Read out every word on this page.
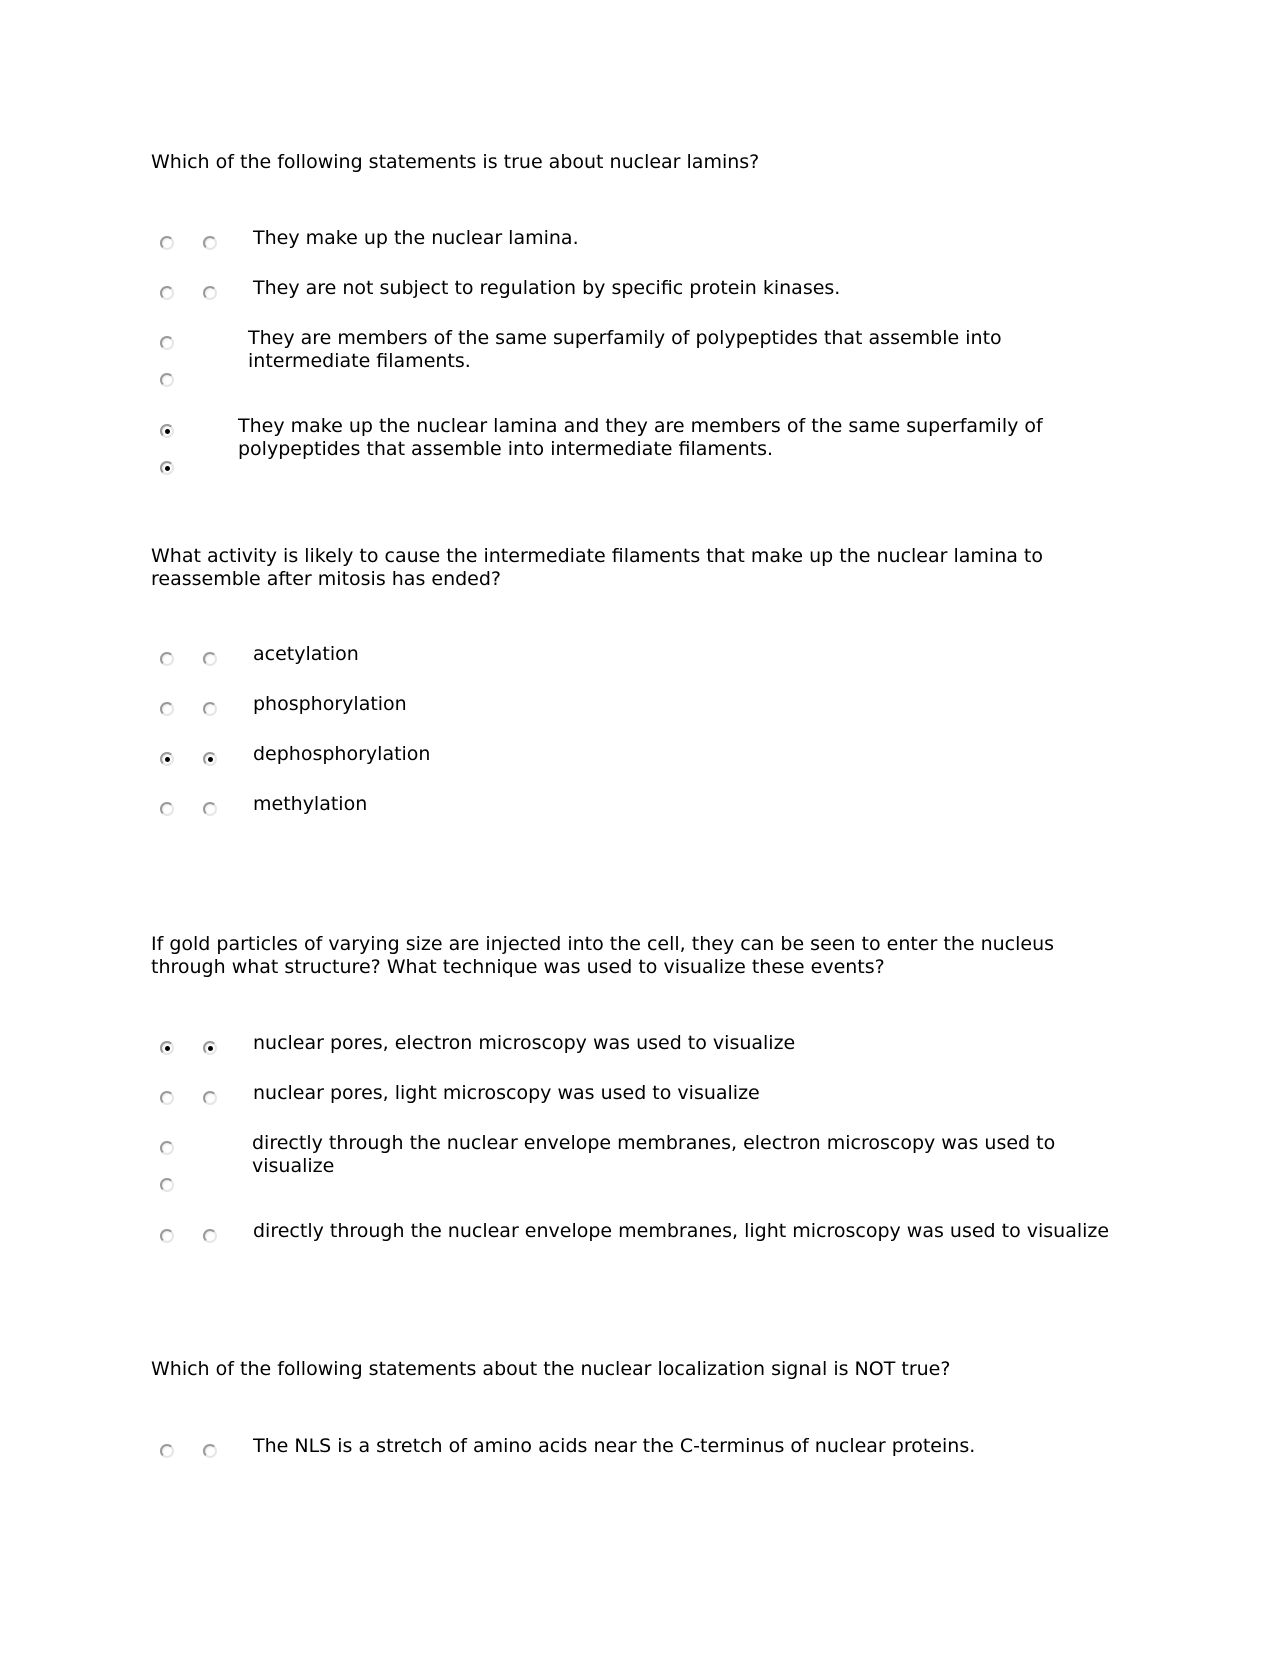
Which of the following statements is true about nuclear lamins?

They make up the nuclear lamina.
They are not subject to regulation by specific protein kinases.
They are members of the same superfamily of polypeptides that assemble into intermediate filaments.
They make up the nuclear lamina and they are members of the same superfamily of polypeptides that assemble into intermediate filaments.

What activity is likely to cause the intermediate filaments that make up the nuclear lamina to reassemble after mitosis has ended?

acetylation
phosphorylation
dephosphorylation
methylation

If gold particles of varying size are injected into the cell, they can be seen to enter the nucleus through what structure? What technique was used to visualize these events?

nuclear pores, electron microscopy was used to visualize
nuclear pores, light microscopy was used to visualize
directly through the nuclear envelope membranes, electron microscopy was used to visualize
directly through the nuclear envelope membranes, light microscopy was used to visualize

Which of the following statements about the nuclear localization signal is NOT true?

The NLS is a stretch of amino acids near the C-terminus of nuclear proteins.
